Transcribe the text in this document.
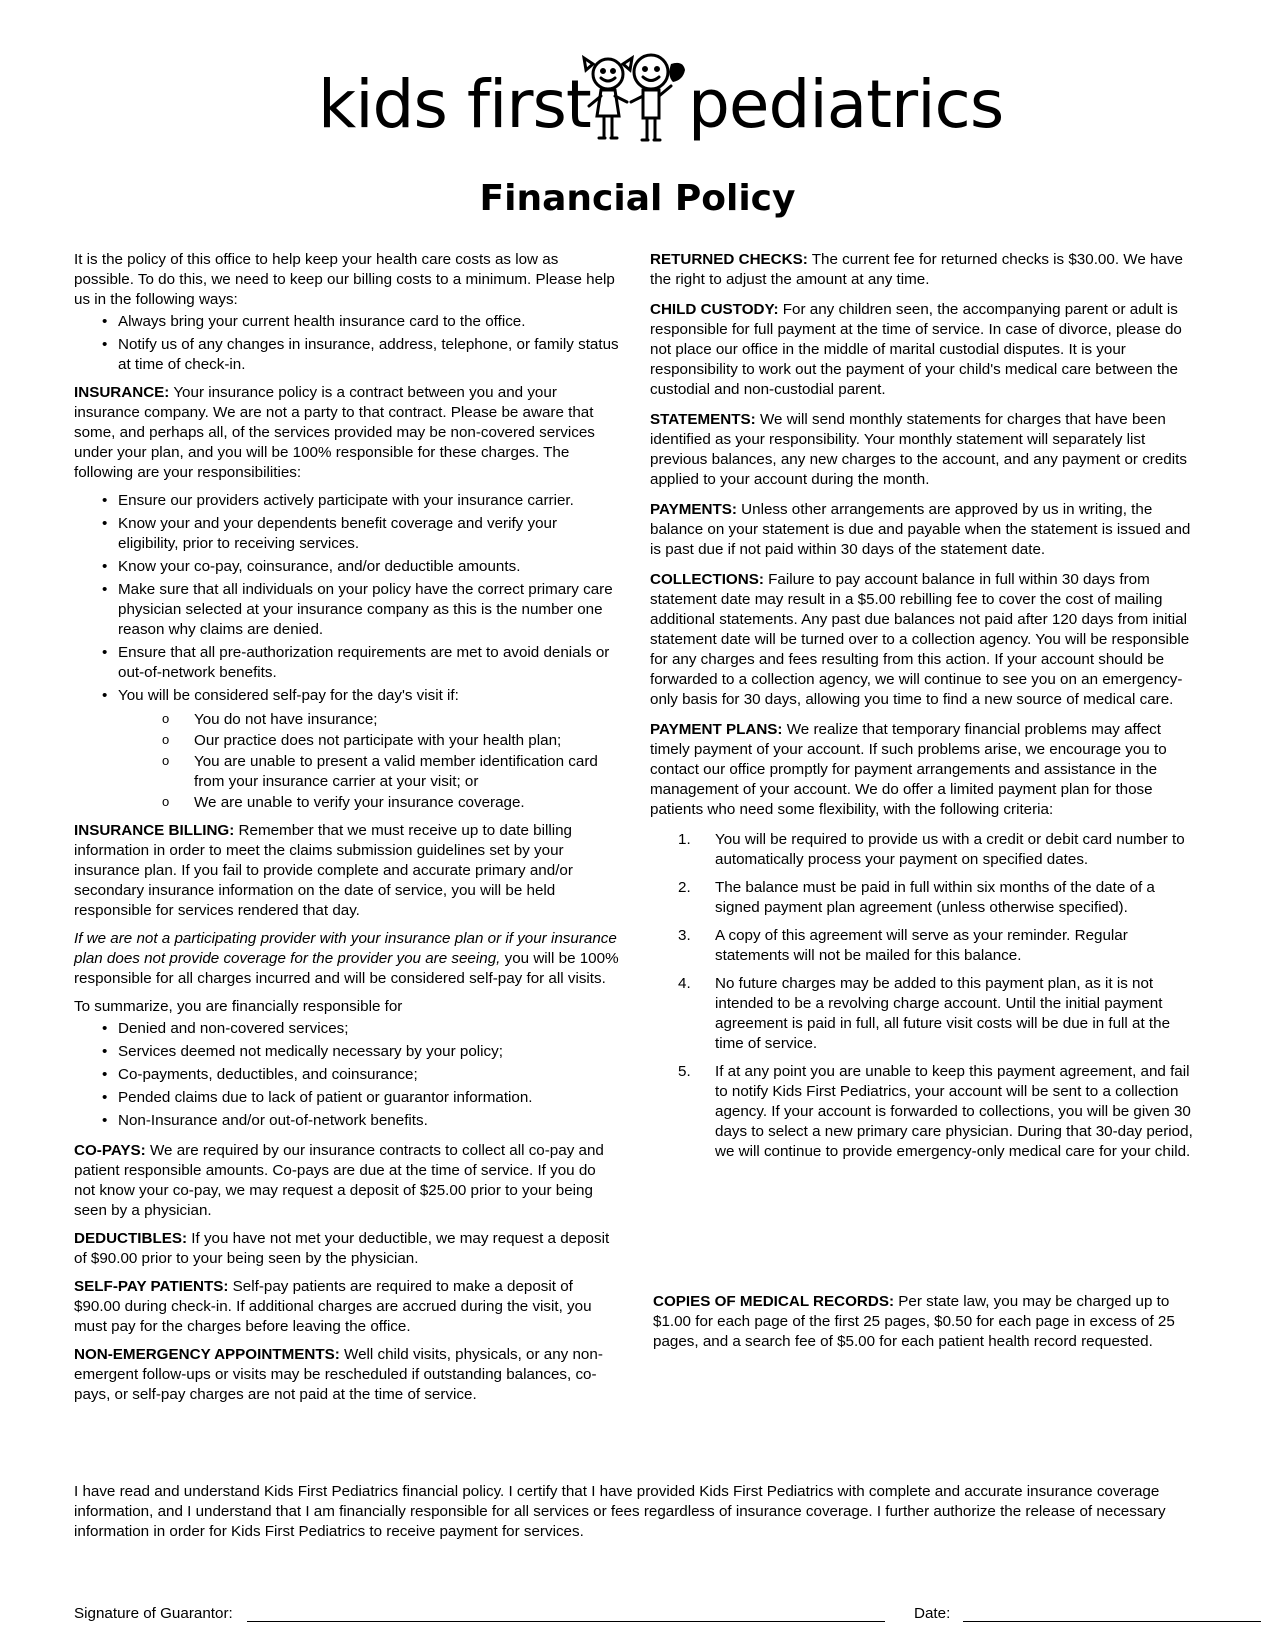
kids first pediatrics
Financial Policy

It is the policy of this office to help keep your health care costs as low as possible. To do this, we need to keep our billing costs to a minimum. Please help us in the following ways:

• Always bring your current health insurance card to the office.
• Notify us of any changes in insurance, address, telephone, or family status at time of check-in.

INSURANCE: Your insurance policy is a contract between you and your insurance company. We are not a party to that contract. Please be aware that some, and perhaps all, of the services provided may be non-covered services under your plan, and you will be 100% responsible for these charges. The following are your responsibilities:

• Ensure our providers actively participate with your insurance carrier.
• Know your and your dependents benefit coverage and verify your eligibility, prior to receiving services.
• Know your co-pay, coinsurance, and/or deductible amounts.
• Make sure that all individuals on your policy have the correct primary care physician selected at your insurance company as this is the number one reason why claims are denied.
• Ensure that all pre-authorization requirements are met to avoid denials or out-of-network benefits.
• You will be considered self-pay for the day's visit if:
o You do not have insurance;
o Our practice does not participate with your health plan;
o You are unable to present a valid member identification card from your insurance carrier at your visit; or
o We are unable to verify your insurance coverage.

INSURANCE BILLING: Remember that we must receive up to date billing information in order to meet the claims submission guidelines set by your insurance plan. If you fail to provide complete and accurate primary and/or secondary insurance information on the date of service, you will be held responsible for services rendered that day.

If we are not a participating provider with your insurance plan or if your insurance plan does not provide coverage for the provider you are seeing, you will be 100% responsible for all charges incurred and will be considered self-pay for all visits.

To summarize, you are financially responsible for

• Denied and non-covered services;
• Services deemed not medically necessary by your policy;
• Co-payments, deductibles, and coinsurance;
• Pended claims due to lack of patient or guarantor information.
• Non-Insurance and/or out-of-network benefits.

CO-PAYS: We are required by our insurance contracts to collect all co-pay and patient responsible amounts. Co-pays are due at the time of service. If you do not know your co-pay, we may request a deposit of $25.00 prior to your being seen by a physician.

DEDUCTIBLES: If you have not met your deductible, we may request a deposit of $90.00 prior to your being seen by the physician.

SELF-PAY PATIENTS: Self-pay patients are required to make a deposit of $90.00 during check-in. If additional charges are accrued during the visit, you must pay for the charges before leaving the office.

NON-EMERGENCY APPOINTMENTS: Well child visits, physicals, or any non-emergent follow-ups or visits may be rescheduled if outstanding balances, co-pays, or self-pay charges are not paid at the time of service.

RETURNED CHECKS: The current fee for returned checks is $30.00. We have the right to adjust the amount at any time.

CHILD CUSTODY: For any children seen, the accompanying parent or adult is responsible for full payment at the time of service. In case of divorce, please do not place our office in the middle of marital custodial disputes. It is your responsibility to work out the payment of your child's medical care between the custodial and non-custodial parent.

STATEMENTS: We will send monthly statements for charges that have been identified as your responsibility. Your monthly statement will separately list previous balances, any new charges to the account, and any payment or credits applied to your account during the month.

PAYMENTS: Unless other arrangements are approved by us in writing, the balance on your statement is due and payable when the statement is issued and is past due if not paid within 30 days of the statement date.

COLLECTIONS: Failure to pay account balance in full within 30 days from statement date may result in a $5.00 rebilling fee to cover the cost of mailing additional statements. Any past due balances not paid after 120 days from initial statement date will be turned over to a collection agency. You will be responsible for any charges and fees resulting from this action. If your account should be forwarded to a collection agency, we will continue to see you on an emergency-only basis for 30 days, allowing you time to find a new source of medical care.

PAYMENT PLANS: We realize that temporary financial problems may affect timely payment of your account. If such problems arise, we encourage you to contact our office promptly for payment arrangements and assistance in the management of your account. We do offer a limited payment plan for those patients who need some flexibility, with the following criteria:

1. You will be required to provide us with a credit or debit card number to automatically process your payment on specified dates.
2. The balance must be paid in full within six months of the date of a signed payment plan agreement (unless otherwise specified).
3. A copy of this agreement will serve as your reminder. Regular statements will not be mailed for this balance.
4. No future charges may be added to this payment plan, as it is not intended to be a revolving charge account. Until the initial payment agreement is paid in full, all future visit costs will be due in full at the time of service.
5. If at any point you are unable to keep this payment agreement, and fail to notify Kids First Pediatrics, your account will be sent to a collection agency. If your account is forwarded to collections, you will be given 30 days to select a new primary care physician. During that 30-day period, we will continue to provide emergency-only medical care for your child.
COPIES OF MEDICAL RECORDS: Per state law, you may be charged up to $1.00 for each page of the first 25 pages, $0.50 for each page in excess of 25 pages, and a search fee of $5.00 for each patient health record requested.
I have read and understand Kids First Pediatrics financial policy. I certify that I have provided Kids First Pediatrics with complete and accurate insurance coverage information, and I understand that I am financially responsible for all services or fees regardless of insurance coverage. I further authorize the release of necessary information in order for Kids First Pediatrics to receive payment for services.
Signature of Guarantor:	Date:
